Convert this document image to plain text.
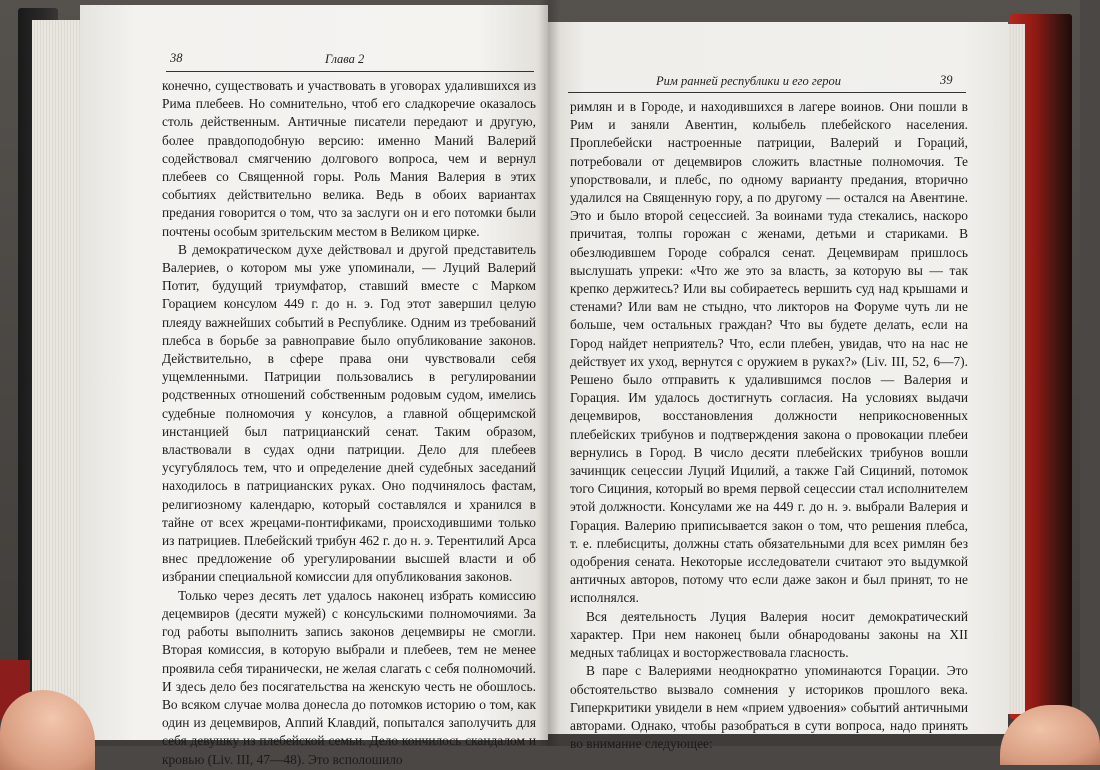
38	Глава 2

конечно, существовать и участвовать в уговорах удалившихся из Рима плебеев. Но сомнительно, чтоб его сладкоречие оказалось столь действенным. Античные писатели передают и другую, более правдоподобную версию: именно Маний Валерий содействовал смягчению долгового вопроса, чем и вернул плебеев со Священной горы. Роль Мания Валерия в этих событиях действительно велика. Ведь в обоих вариантах предания говорится о том, что за заслуги он и его потомки были почтены особым зрительским местом в Великом цирке.

В демократическом духе действовал и другой представитель Валериев, о котором мы уже упоминали, — Луций Валерий Потит, будущий триумфатор, ставший вместе с Марком Горацием консулом 449 г. до н. э. Год этот завершил целую плеяду важнейших событий в Республике. Одним из требований плебса в борьбе за равноправие было опубликование законов. Действительно, в сфере права они чувствовали себя ущемленными. Патриции пользовались в регулировании родственных отношений собственным родовым судом, имелись судебные полномочия у консулов, а главной общеримской инстанцией был патрицианский сенат. Таким образом, властвовали в судах одни патриции. Дело для плебеев усугублялось тем, что и определение дней судебных заседаний находилось в патрицианских руках. Оно подчинялось фастам, религиозному календарю, который составлялся и хранился в тайне от всех жрецами-понтификами, происходившими только из патрициев. Плебейский трибун 462 г. до н. э. Терентилий Арса внес предложение об урегулировании высшей власти и об избрании специальной комиссии для опубликования законов.

Только через десять лет удалось наконец избрать комиссию децемвиров (десяти мужей) с консульскими полномочиями. За год работы выполнить запись законов децемвиры не смогли. Вторая комиссия, в которую выбрали и плебеев, тем не менее проявила себя тиранически, не желая слагать с себя полномочий. И здесь дело без посягательства на женскую честь не обошлось. Во всяком случае молва донесла до потомков историю о том, как один из децемвиров, Аппий Клавдий, попытался заполучить для себя девушку из плебейской семьи. Дело кончилось скандалом и кровью (Liv. III, 47—48). Это всполошило

Рим ранней республики и его герои	39

римлян и в Городе, и находившихся в лагере воинов. Они пошли в Рим и заняли Авентин, колыбель плебейского населения. Проплебейски настроенные патриции, Валерий и Гораций, потребовали от децемвиров сложить властные полномочия. Те упорствовали, и плебс, по одному варианту предания, вторично удалился на Священную гору, а по другому — остался на Авентине. Это и было второй сецессией. За воинами туда стекались, наскоро причитая, толпы горожан с женами, детьми и стариками. В обезлюдившем Городе собрался сенат. Децемвирам пришлось выслушать упреки: «Что же это за власть, за которую вы — так крепко держитесь? Или вы собираетесь вершить суд над крышами и стенами? Или вам не стыдно, что ликторов на Форуме чуть ли не больше, чем остальных граждан? Что вы будете делать, если на Город найдет неприятель? Что, если плебен, увидав, что на нас не действует их уход, вернутся с оружием в руках?» (Liv. III, 52, 6—7). Решено было отправить к удалившимся послов — Валерия и Горация. Им удалось достигнуть согласия. На условиях выдачи децемвиров, восстановления должности неприкосновенных плебейских трибунов и подтверждения закона о провокации плебеи вернулись в Город. В число десяти плебейских трибунов вошли зачинщик сецессии Луций Ицилий, а также Гай Сициний, потомок того Сициния, который во время первой сецессии стал исполнителем этой должности. Консулами же на 449 г. до н. э. выбрали Валерия и Горация. Валерию приписывается закон о том, что решения плебса, т. е. плебисциты, должны стать обязательными для всех римлян без одобрения сената. Некоторые исследователи считают это выдумкой античных авторов, потому что если даже закон и был принят, то не исполнялся.

Вся деятельность Луция Валерия носит демократический характер. При нем наконец были обнародованы законы на XII медных таблицах и восторжествовала гласность.

В паре с Валериями неоднократно упоминаются Горации. Это обстоятельство вызвало сомнения у историков прошлого века. Гиперкритики увидели в нем «прием удвоения» событий античными авторами. Однако, чтобы разобраться в сути вопроса, надо принять во внимание следующее:
